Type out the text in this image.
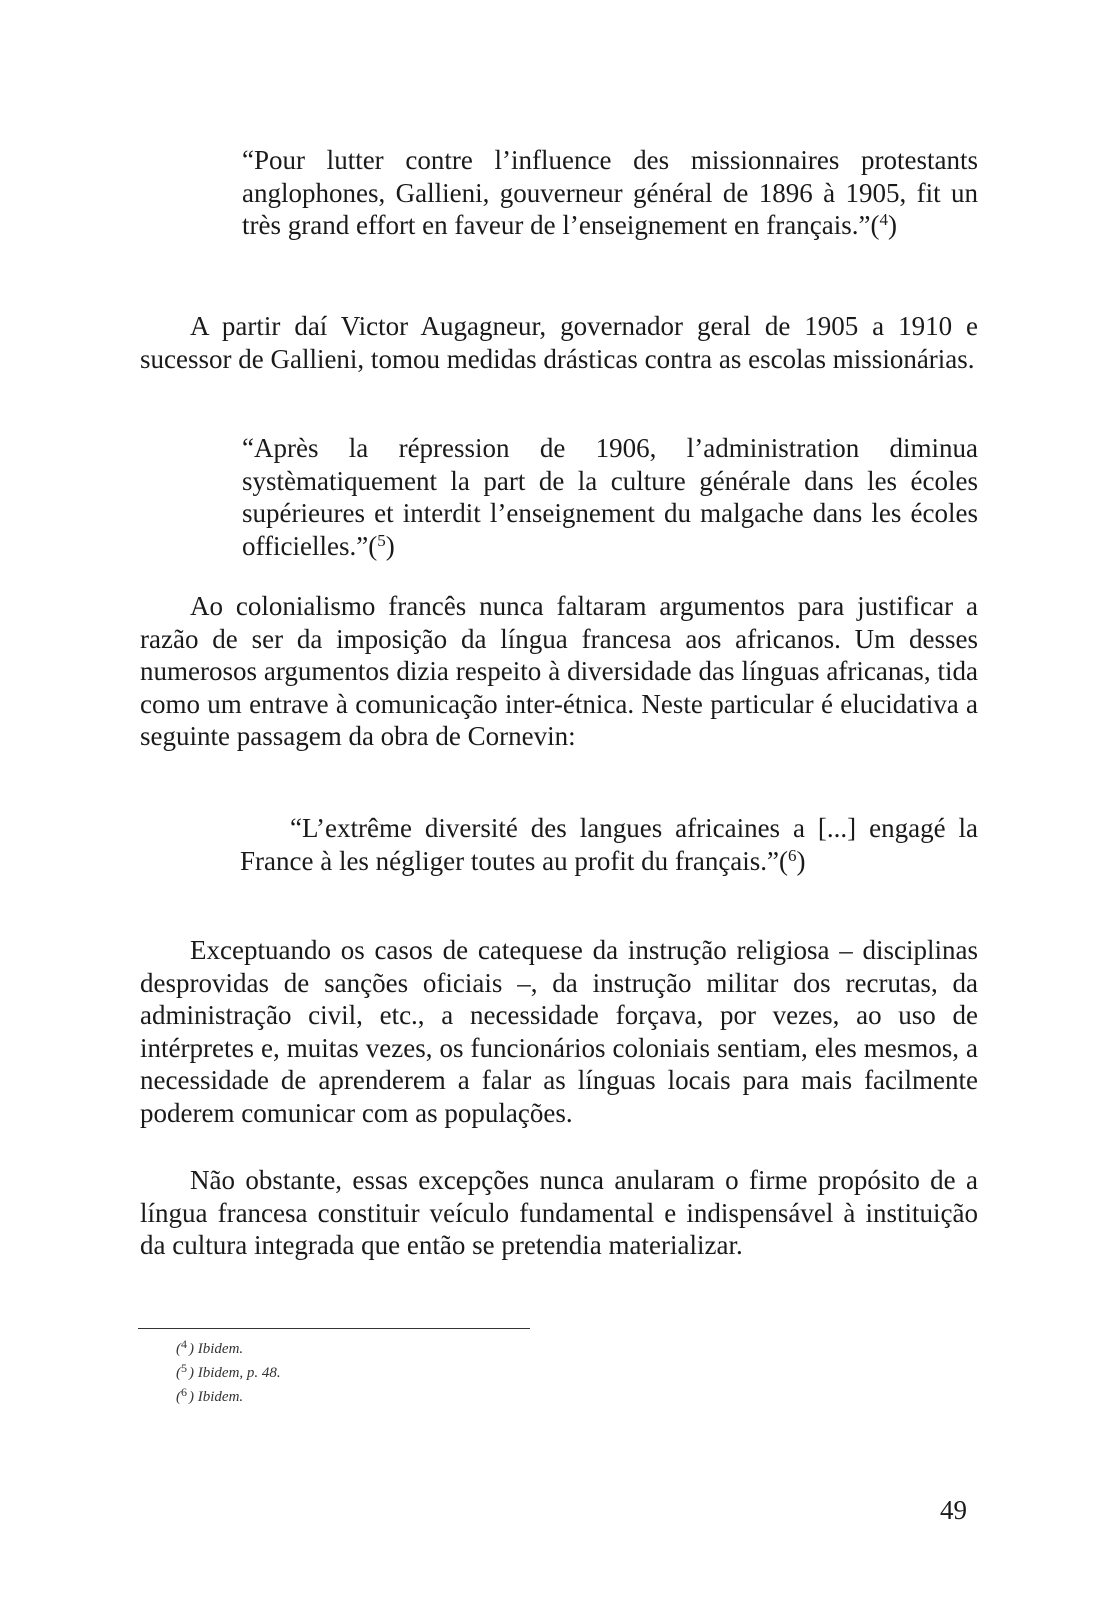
“Pour lutter contre l’influence des missionnaires protestants anglophones, Gallieni, gouverneur général de 1896 à 1905, fit un très grand effort en faveur de l’enseignement en français.”($^4$)

A partir daí Victor Augagneur, governador geral de 1905 a 1910 e sucessor de Gallieni, tomou medidas drásticas contra as escolas missionárias.

“Après la répression de 1906, l’administration diminua systèmatiquement la part de la culture générale dans les écoles supérieures et interdit l’enseignement du malgache dans les écoles officielles.”($^5$)

Ao colonialismo francês nunca faltaram argumentos para justificar a razão de ser da imposição da língua francesa aos africanos. Um desses numerosos argumentos dizia respeito à diversidade das línguas africanas, tida como um entrave à comunicação inter-étnica. Neste particular é elucidativa a seguinte passagem da obra de Cornevin:

“L’extrême diversité des langues africaines a [...] engagé la France à les négliger toutes au profit du français.”($^6$)

Exceptuando os casos de catequese da instrução religiosa – disciplinas desprovidas de sanções oficiais –, da instrução militar dos recrutas, da administração civil, etc., a necessidade forçava, por vezes, ao uso de intérpretes e, muitas vezes, os funcionários coloniais sentiam, eles mesmos, a necessidade de aprenderem a falar as línguas locais para mais facilmente poderem comunicar com as populações.

Não obstante, essas excepções nunca anularam o firme propósito de a língua francesa constituir veículo fundamental e indispensável à instituição da cultura integrada que então se pretendia materializar.

($^4$ ) Ibidem.
($^5$ ) Ibidem, p. 48.
($^6$ ) Ibidem.
49
